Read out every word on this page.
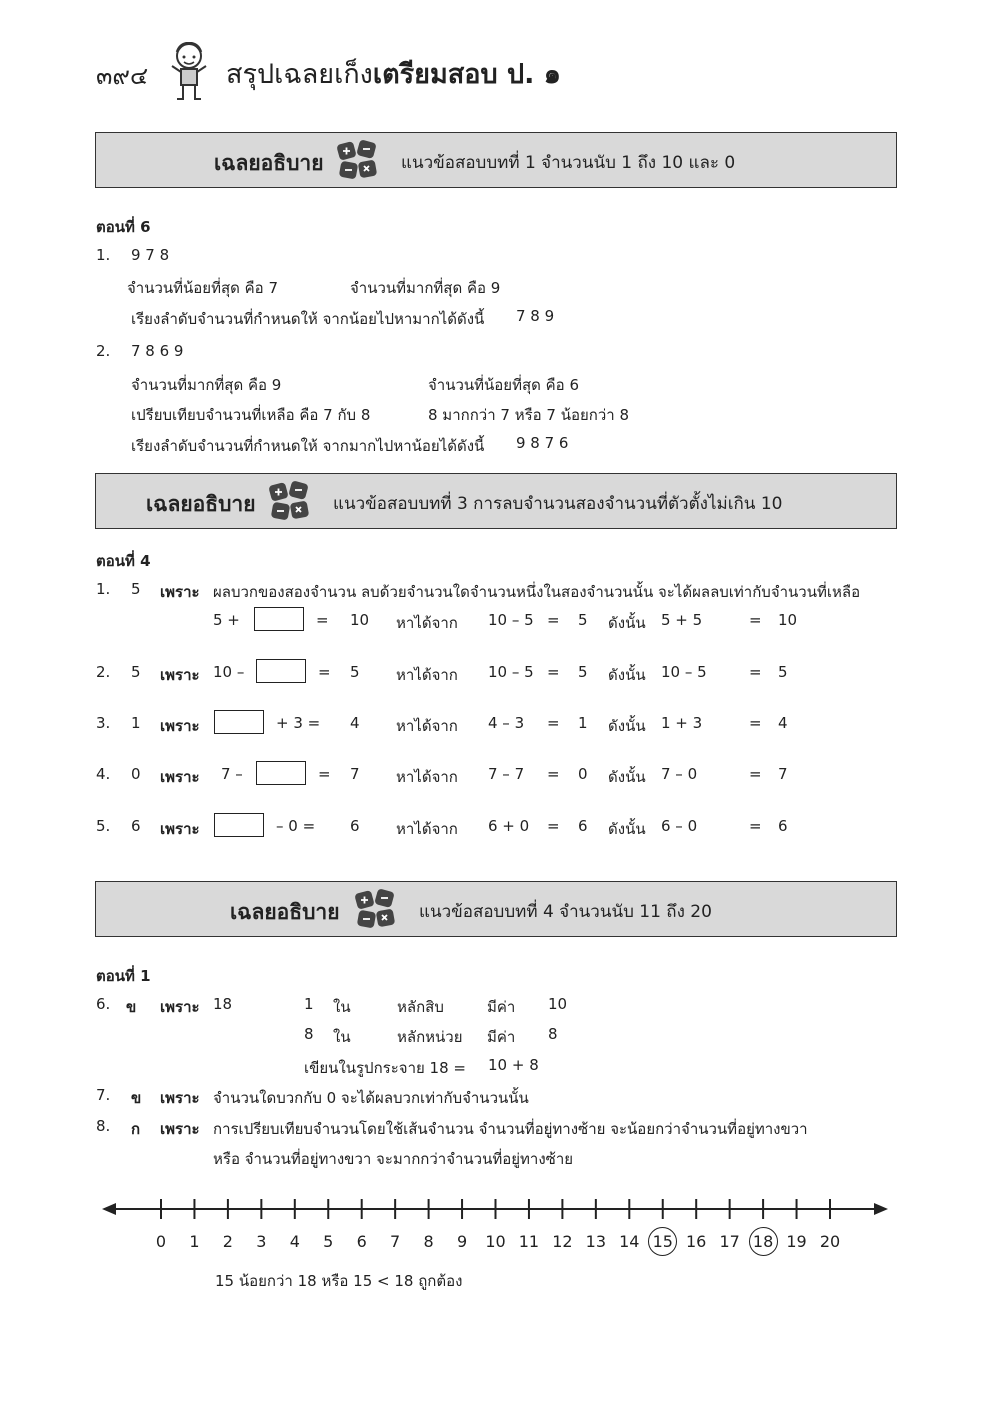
๓๙๔	สรุปเฉลยเก็งเตรียมสอบ ป. ๑
เฉลยอธิบาย	แนวข้อสอบบทที่ 1 จำนวนนับ 1 ถึง 10 และ 0
ตอนที่ 6
1. 9 7 8
จำนวนที่น้อยที่สุด คือ 7	จำนวนที่มากที่สุด คือ 9
เรียงลำดับจำนวนที่กำหนดให้ จากน้อยไปหามากได้ดังนี้ 7 8 9
2. 7 8 6 9
จำนวนที่มากที่สุด คือ 9	จำนวนที่น้อยที่สุด คือ 6
เปรียบเทียบจำนวนที่เหลือ คือ 7 กับ 8	8 มากกว่า 7 หรือ 7 น้อยกว่า 8
เรียงลำดับจำนวนที่กำหนดให้ จากมากไปหาน้อยได้ดังนี้ 9 8 7 6
เฉลยอธิบาย	แนวข้อสอบบทที่ 3 การลบจำนวนสองจำนวนที่ตัวตั้งไม่เกิน 10
ตอนที่ 4
1. 5 เพราะ ผลบวกของสองจำนวน ลบด้วยจำนวนใดจำนวนหนึ่งในสองจำนวนนั้น จะได้ผลลบเท่ากับจำนวนที่เหลือ
5 +	= 10 หาได้จาก 10 – 5 = 5 ดังนั้น 5 + 5	= 10
2. 5 เพราะ 10 –	= 5 หาได้จาก 10 – 5 = 5 ดังนั้น 10 – 5	= 5
3. 1 เพราะ	+ 3 = 4 หาได้จาก 4 – 3 = 1 ดังนั้น 1 + 3	= 4
4. 0 เพราะ 7 –	= 7 หาได้จาก 7 – 7 = 0 ดังนั้น 7 – 0	= 7
5. 6 เพราะ	– 0 = 6 หาได้จาก 6 + 0 = 6 ดังนั้น 6 – 0	= 6
เฉลยอธิบาย	แนวข้อสอบบทที่ 4 จำนวนนับ 11 ถึง 20
ตอนที่ 1
6. ข เพราะ 18	1 ใน	หลักสิบ	มีค่า 10
8 ใน	หลักหน่วย มีค่า 8
เขียนในรูปกระจาย 18 = 10 + 8
7. ข เพราะ จำนวนใดบวกกับ 0 จะได้ผลบวกเท่ากับจำนวนนั้น
8. ก เพราะ การเปรียบเทียบจำนวนโดยใช้เส้นจำนวน จำนวนที่อยู่ทางซ้าย จะน้อยกว่าจำนวนที่อยู่ทางขวา
หรือ จำนวนที่อยู่ทางขวา จะมากกว่าจำนวนที่อยู่ทางซ้าย
0	1	2	3	4	5	6	7	8	9	10 11 12 13 14 15 16 17 18 19 20
15 น้อยกว่า 18 หรือ 15 < 18 ถูกต้อง
